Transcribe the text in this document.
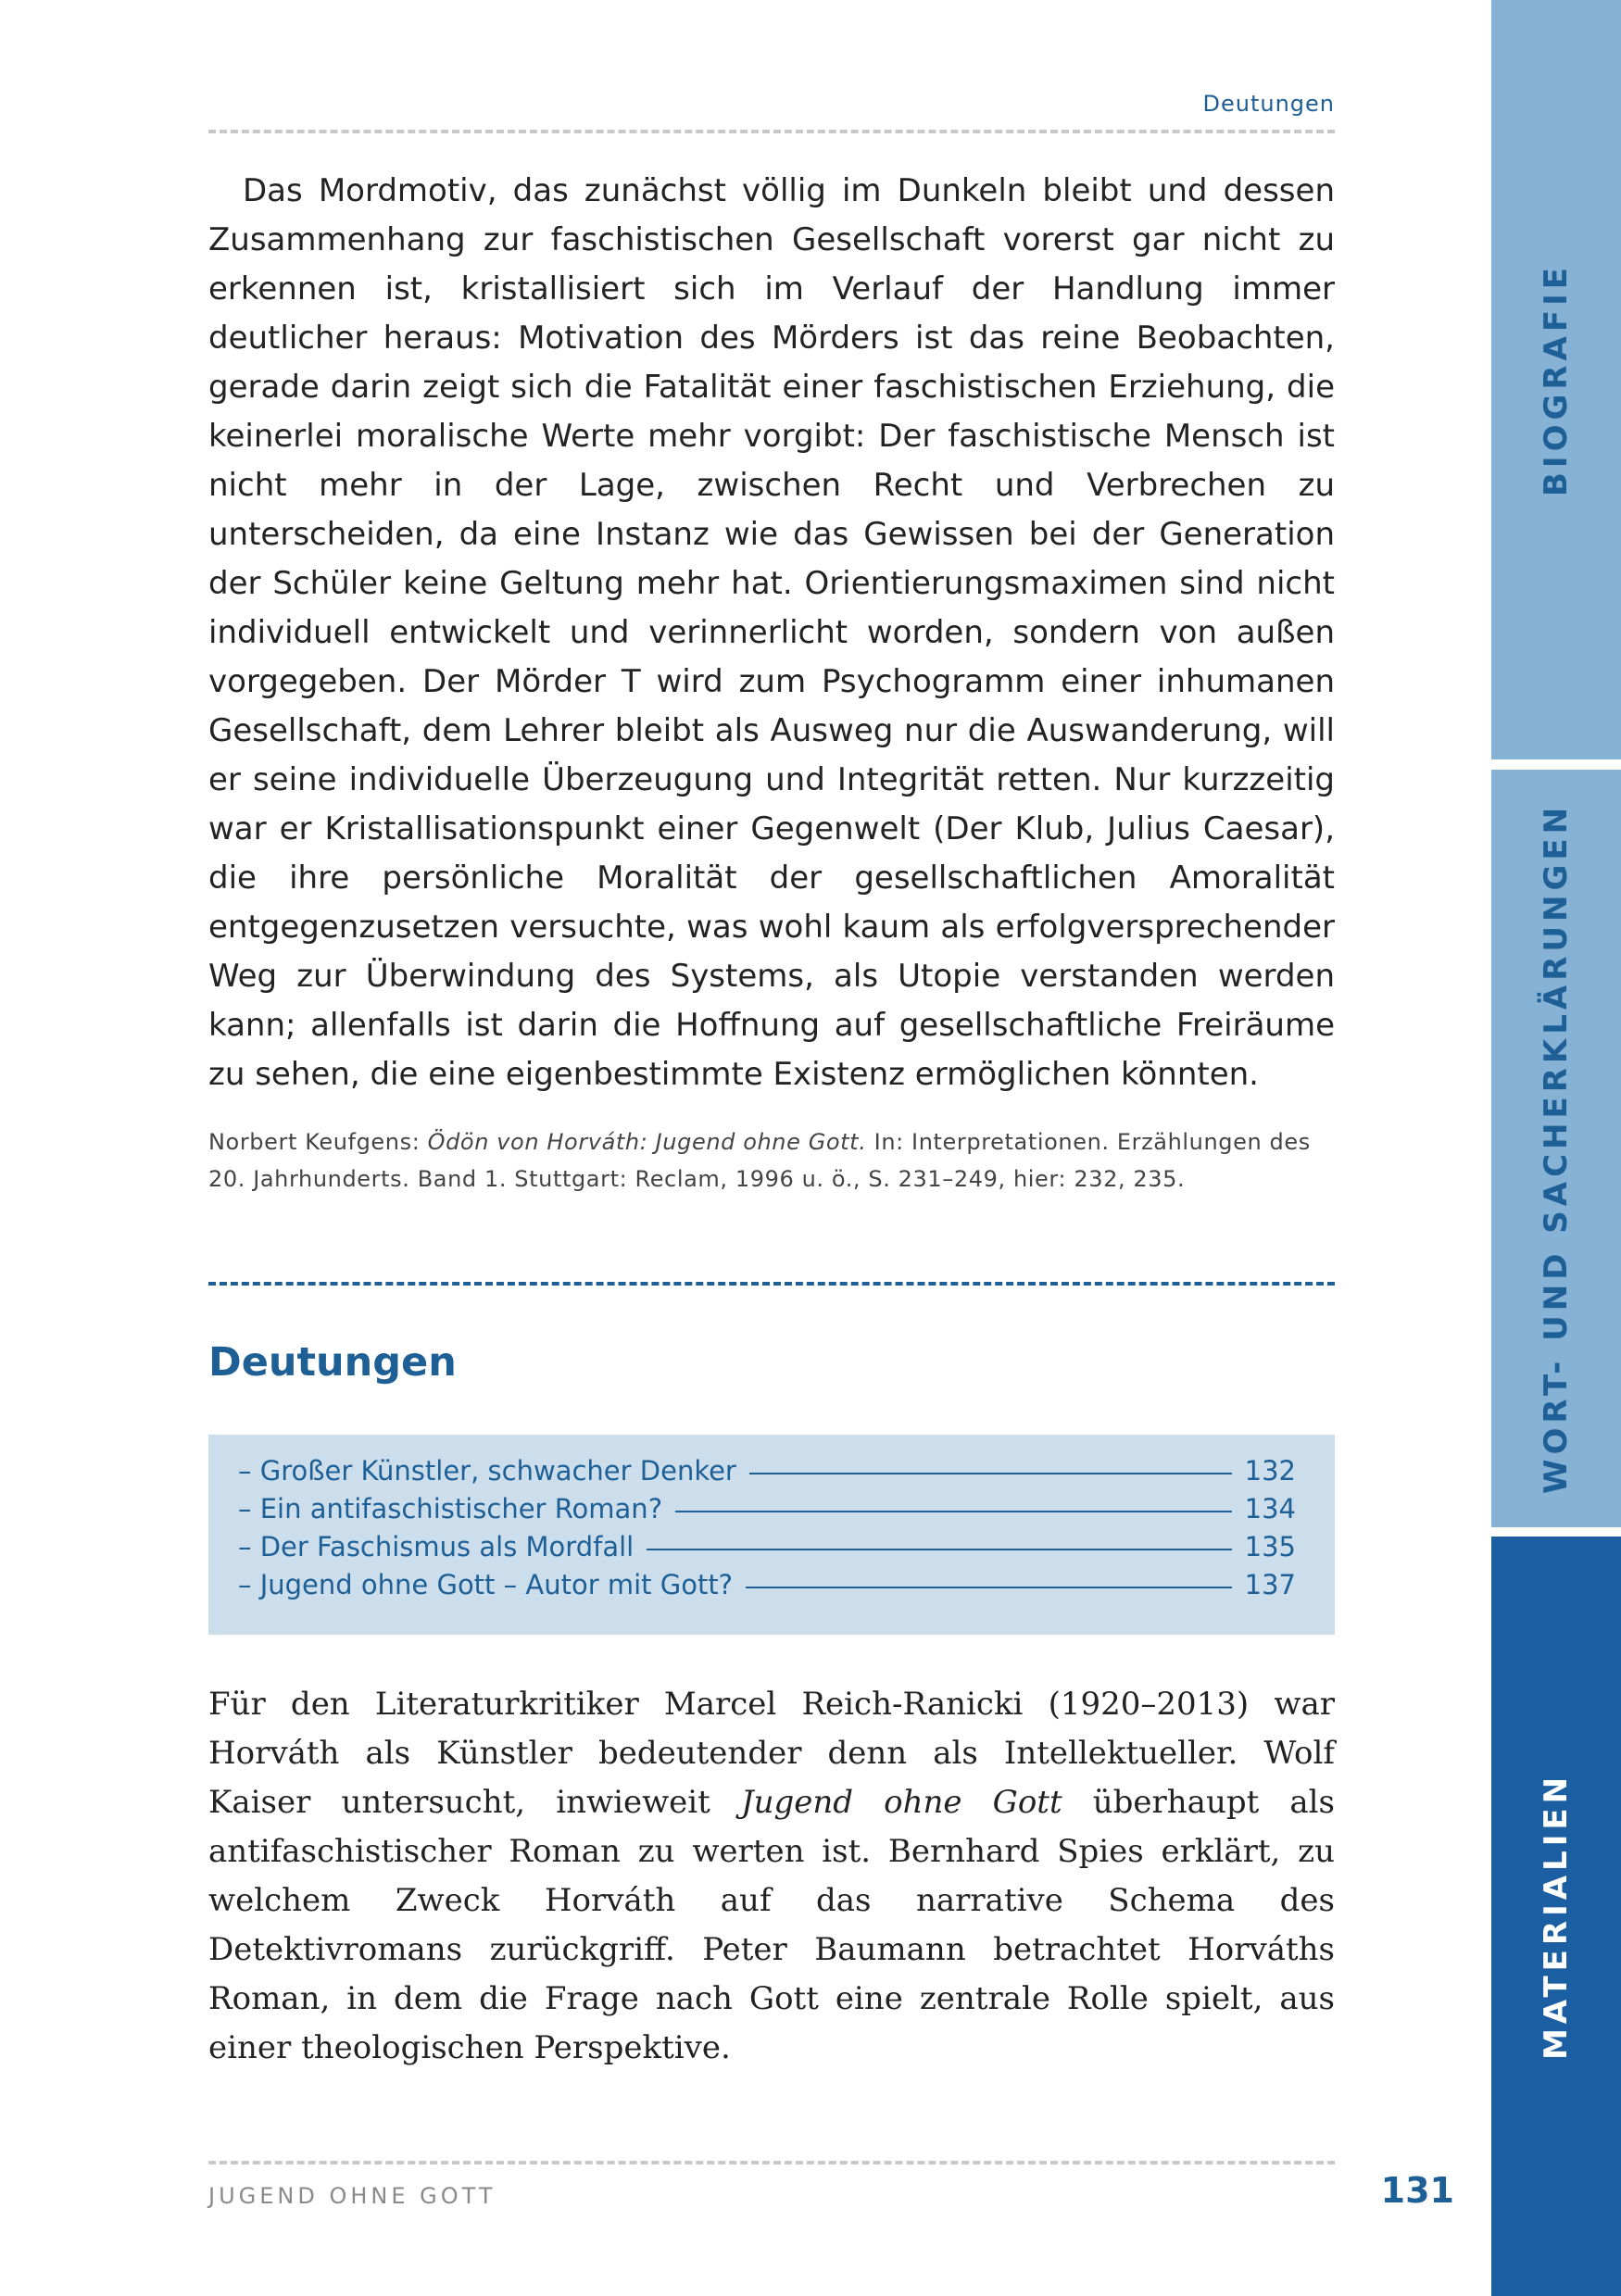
Deutungen

Das Mordmotiv, das zunächst völlig im Dunkeln bleibt und dessen Zusammenhang zur faschistischen Gesellschaft vorerst gar nicht zu erkennen ist, kristallisiert sich im Verlauf der Handlung immer deutlicher heraus: Motivation des Mörders ist das reine Beobachten, gerade darin zeigt sich die Fatalität einer faschistischen Erziehung, die keinerlei moralische Werte mehr vorgibt: Der faschistische Mensch ist nicht mehr in der Lage, zwischen Recht und Verbrechen zu unterscheiden, da eine Instanz wie das Gewissen bei der Generation der Schüler keine Geltung mehr hat. Orientierungsmaximen sind nicht individuell entwickelt und verinnerlicht worden, sondern von außen vorgegeben. Der Mörder T wird zum Psychogramm einer inhumanen Gesellschaft, dem Lehrer bleibt als Ausweg nur die Auswanderung, will er seine individuelle Überzeugung und Integrität retten. Nur kurzzeitig war er Kristallisationspunkt einer Gegenwelt (Der Klub, Julius Caesar), die ihre persönliche Moralität der gesellschaftlichen Amoralität entgegenzusetzen versuchte, was wohl kaum als erfolgversprechender Weg zur Überwindung des Systems, als Utopie verstanden werden kann; allenfalls ist darin die Hoffnung auf gesellschaftliche Freiräume zu sehen, die eine eigenbestimmte Existenz ermöglichen könnten.

Norbert Keufgens: Ödön von Horváth: Jugend ohne Gott. In: Interpretationen. Erzählungen des 20. Jahrhunderts. Band 1. Stuttgart: Reclam, 1996 u. ö., S. 231–249, hier: 232, 235.

Deutungen
– Großer Künstler, schwacher Denker	132
– Ein antifaschistischer Roman?	134
– Der Faschismus als Mordfall	135
– Jugend ohne Gott – Autor mit Gott?	137

Für den Literaturkritiker Marcel Reich-Ranicki (1920–2013) war Horváth als Künstler bedeutender denn als Intellektueller. Wolf Kaiser untersucht, inwieweit Jugend ohne Gott überhaupt als antifaschistischer Roman zu werten ist. Bernhard Spies erklärt, zu welchem Zweck Horváth auf das narrative Schema des Detektivromans zurückgriff. Peter Baumann betrachtet Horváths Roman, in dem die Frage nach Gott eine zentrale Rolle spielt, aus einer theologischen Perspektive.

JUGEND OHNE GOTT	131
BIOGRAFIE
WORT- UND SACHERKLÄRUNGEN
MATERIALIEN
